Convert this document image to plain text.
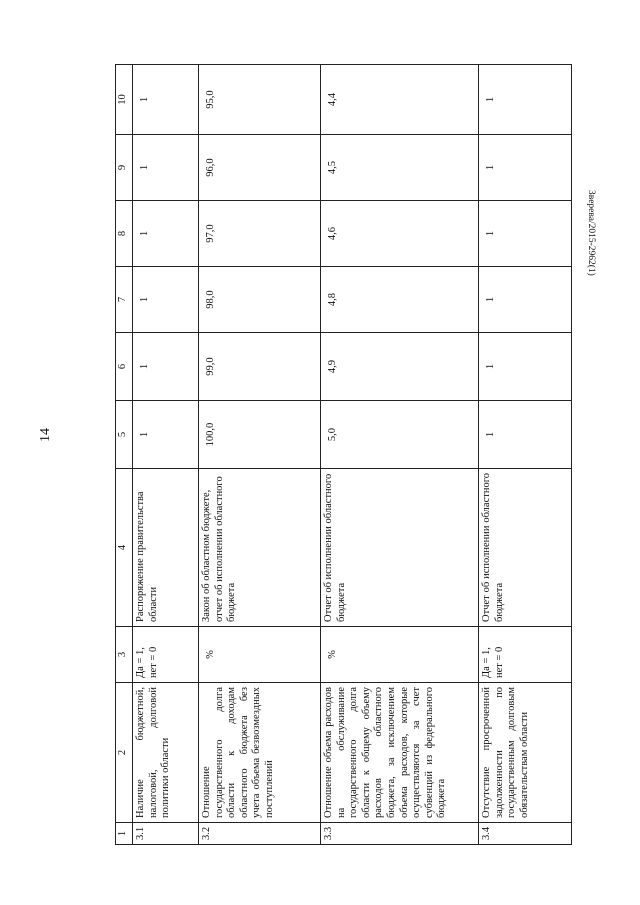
14
Зверева/2015-2962(1)
1	2	3	4	5	6	7	8	9	10
3.1	Наличие бюджетной, налоговой, долговой политики области	Да = 1, нет = 0	Распоряжение правительства области	1	1	1	1	1	1
3.2	Отношение государственного долга области к доходам областного бюджета без учета объема безвозмездных поступлений	%	Закон об областном бюджете, отчет об исполнении областного бюджета	100,0	99,0	98,0	97,0	96,0	95,0
3.3	Отношение объема расходов на обслуживание государственного долга области к общему объему расходов областного бюджета, за исключением объема расходов, которые осуществляются за счет субвенций из федерального бюджета	%	Отчет об исполнении областного бюджета	5,0	4,9	4,8	4,6	4,5	4,4
3.4	Отсутствие просроченной задолженности по государственным долговым обязательствам области	Да = 1, нет = 0	Отчет об исполнении областного бюджета	1	1	1	1	1	1
